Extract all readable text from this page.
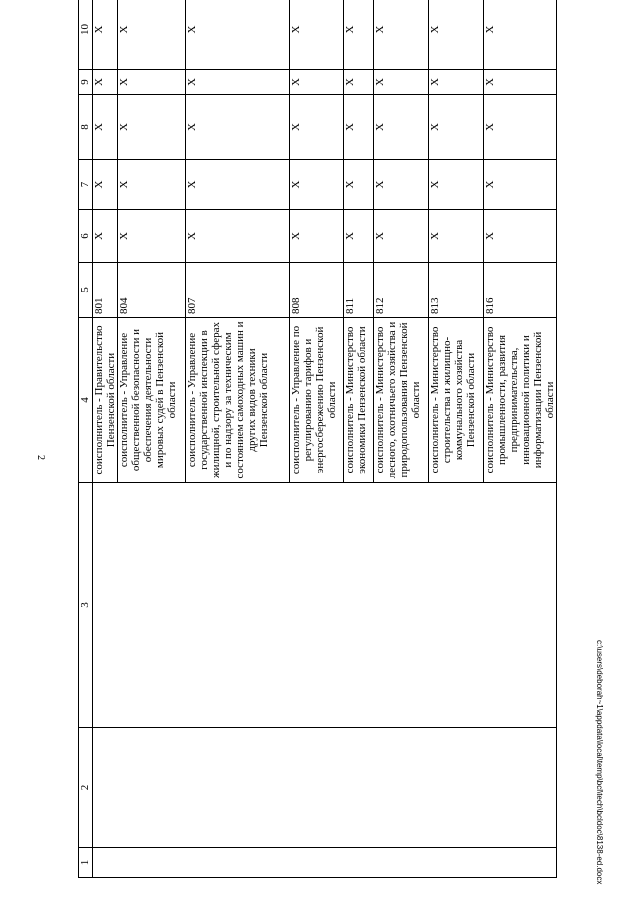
2
c:\users\deborah~1\appdata\local\temp\bcl\tech\bcldoc\8138-ed.docx
1	2	3	4	5	6	7	8	9	10	
			соисполнитель - Правительство Пензенской области	801	Х	Х	Х	Х	Х	
			соисполнитель - Управление общественной безопасности и обеспечения деятельности мировых судей в Пензенской области	804	Х	Х	Х	Х	Х	
			соисполнитель - Управление государственной инспекции в жилищной, строительной сферах и по надзору за техническим состоянием самоходных машин и других видов техники Пензенской области	807	Х	Х	Х	Х	Х	
			соисполнитель - Управление по регулированию тарифов и энергосбережению Пензенской области	808	Х	Х	Х	Х	Х	
			соисполнитель - Министерство экономики Пензенской области	811	Х	Х	Х	Х	Х	
			соисполнитель - Министерство лесного, охотничьего хозяйства и природопользования Пензенской области	812	Х	Х	Х	Х	Х	
			соисполнитель - Министерство строительства и жилищно-коммунального хозяйства Пензенской области	813	Х	Х	Х	Х	Х	
			соисполнитель - Министерство промышленности, развития предпринимательства, инновационной политики и информатизации Пензенской области	816	Х	Х	Х	Х	Х	
